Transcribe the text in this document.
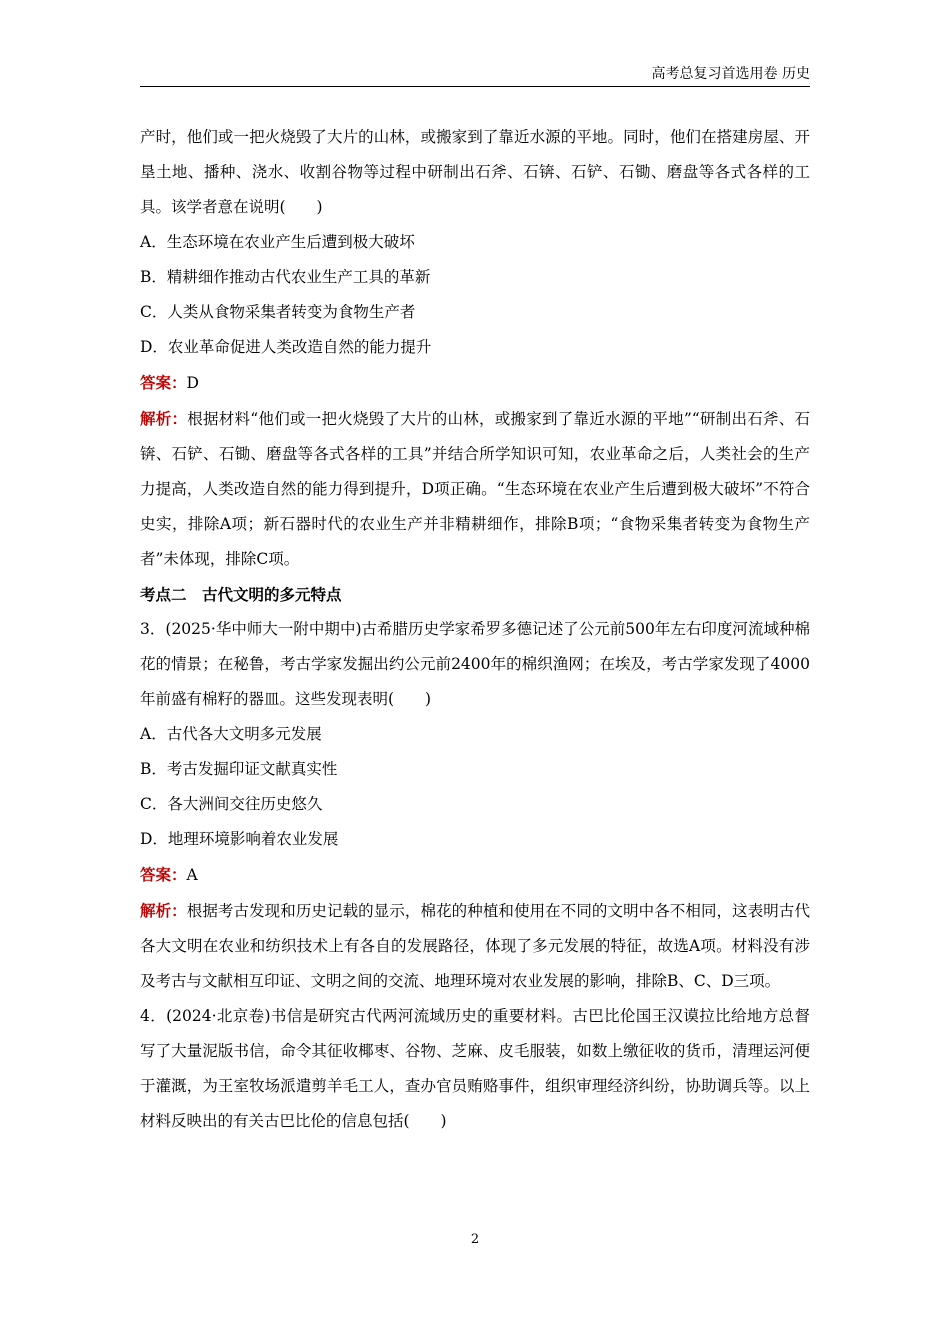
高考总复习首选用卷 历史

产时，他们或一把火烧毁了大片的山林，或搬家到了靠近水源的平地。同时，他们在搭建房屋、开垦土地、播种、浇水、收割谷物等过程中研制出石斧、石锛、石铲、石锄、磨盘等各式各样的工具。该学者意在说明(　　)

A．生态环境在农业产生后遭到极大破坏

B．精耕细作推动古代农业生产工具的革新

C．人类从食物采集者转变为食物生产者

D．农业革命促进人类改造自然的能力提升

答案：D

解析：根据材料“他们或一把火烧毁了大片的山林，或搬家到了靠近水源的平地”“研制出石斧、石锛、石铲、石锄、磨盘等各式各样的工具”并结合所学知识可知，农业革命之后，人类社会的生产力提高，人类改造自然的能力得到提升，D项正确。“生态环境在农业产生后遭到极大破坏”不符合史实，排除A项；新石器时代的农业生产并非精耕细作，排除B项；“食物采集者转变为食物生产者”未体现，排除C项。

考点二　古代文明的多元特点

3．(2025·华中师大一附中期中)古希腊历史学家希罗多德记述了公元前500年左右印度河流域种棉花的情景；在秘鲁，考古学家发掘出约公元前2400年的棉织渔网；在埃及，考古学家发现了4000年前盛有棉籽的器皿。这些发现表明(　　)

A．古代各大文明多元发展

B．考古发掘印证文献真实性

C．各大洲间交往历史悠久

D．地理环境影响着农业发展

答案：A

解析：根据考古发现和历史记载的显示，棉花的种植和使用在不同的文明中各不相同，这表明古代各大文明在农业和纺织技术上有各自的发展路径，体现了多元发展的特征，故选A项。材料没有涉及考古与文献相互印证、文明之间的交流、地理环境对农业发展的影响，排除B、C、D三项。

4．(2024·北京卷)书信是研究古代两河流域历史的重要材料。古巴比伦国王汉谟拉比给地方总督写了大量泥版书信，命令其征收椰枣、谷物、芝麻、皮毛服装，如数上缴征收的货币，清理运河便于灌溉，为王室牧场派遣剪羊毛工人，查办官员贿赂事件，组织审理经济纠纷，协助调兵等。以上材料反映出的有关古巴比伦的信息包括(　　)

2
